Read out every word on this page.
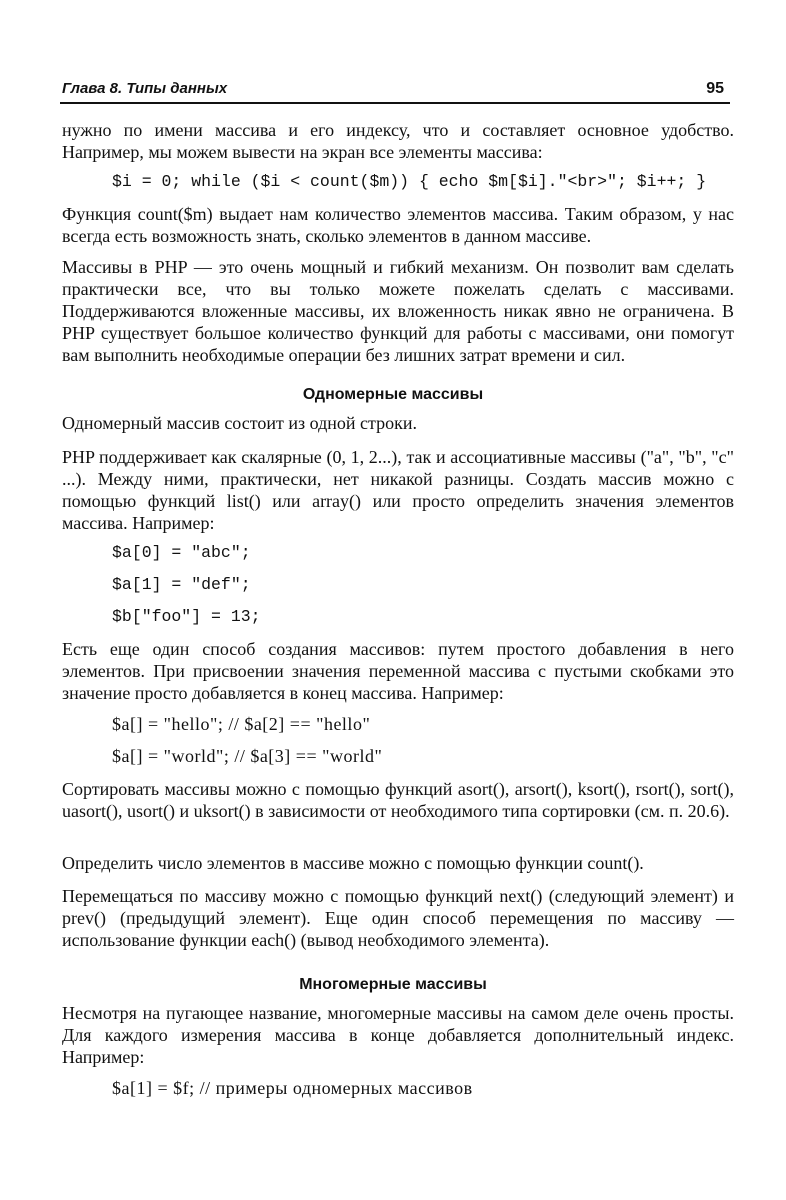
Глава 8. Типы данных	95
нужно по имени массива и его индексу, что и составляет основное удобство. Например, мы можем вывести на экран все элементы массива:
$i = 0; while ($i < count($m)) { echo $m[$i]."<br>"; $i++; }
Функция count($m) выдает нам количество элементов массива. Таким образом, у нас всегда есть возможность знать, сколько элементов в данном массиве.
Массивы в PHP — это очень мощный и гибкий механизм. Он позволит вам сделать практически все, что вы только можете пожелать сделать с массивами. Поддерживаются вложенные массивы, их вложенность никак явно не ограничена. В PHP существует большое количество функций для работы с массивами, они помогут вам выполнить необходимые операции без лишних затрат времени и сил.
Одномерные массивы
Одномерный массив состоит из одной строки.
PHP поддерживает как скалярные (0, 1, 2...), так и ассоциативные массивы ("a", "b", "c" ...). Между ними, практически, нет никакой разницы. Создать массив можно с помощью функций list() или array() или просто определить значения элементов массива. Например:
$a[0] = "abc";
$a[1] = "def";
$b["foo"] = 13;
Есть еще один способ создания массивов: путем простого добавления в него элементов. При присвоении значения переменной массива с пустыми скобками это значение просто добавляется в конец массива. Например:
$a[] = "hello"; // $a[2] == "hello"
$a[] = "world"; // $a[3] == "world"
Сортировать массивы можно с помощью функций asort(), arsort(), ksort(), rsort(), sort(), uasort(), usort() и uksort() в зависимости от необходимого типа сортировки (см. п. 20.6).
Определить число элементов в массиве можно с помощью функции count().
Перемещаться по массиву можно с помощью функций next() (следующий элемент) и prev() (предыдущий элемент). Еще один способ перемещения по массиву — использование функции each() (вывод необходимого элемента).
Многомерные массивы
Несмотря на пугающее название, многомерные массивы на самом деле очень просты. Для каждого измерения массива в конце добавляется дополнительный индекс. Например:
$a[1] = $f; // примеры одномерных массивов
